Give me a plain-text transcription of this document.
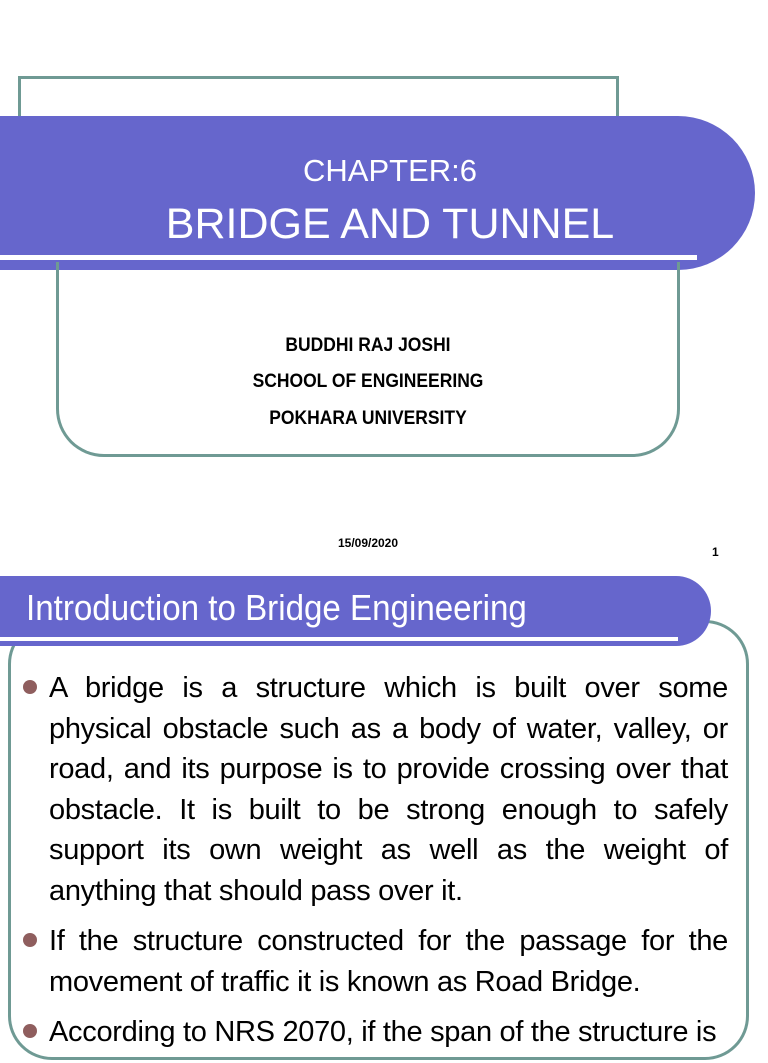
CHAPTER:6
BRIDGE AND TUNNEL
BUDDHI RAJ JOSHI
SCHOOL OF ENGINEERING
POKHARA UNIVERSITY
15/09/2020
1
Introduction to Bridge Engineering
A bridge is a structure which is built over some physical obstacle such as a body of water, valley, or road, and its purpose is to provide crossing over that obstacle. It is built to be strong enough to safely support its own weight as well as the weight of anything that should pass over it.
If the structure constructed for the passage for the movement of traffic it is known as Road Bridge.
According to NRS 2070, if the span of the structure is
